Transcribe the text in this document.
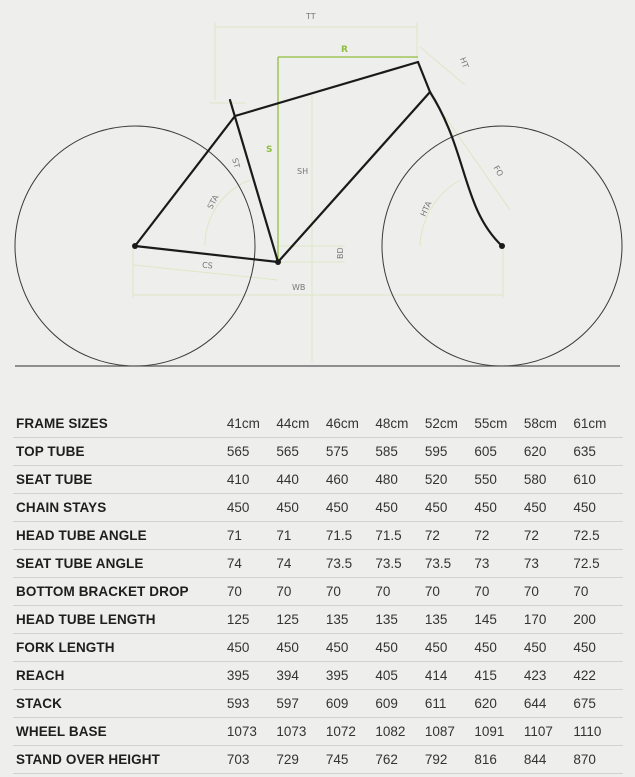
TT
R
HT
S
ST
SH
STA
FO
HTA
BD
CS
WB
FRAME SIZES	41cm	44cm	46cm	48cm	52cm	55cm	58cm	61cm
TOP TUBE	565	565	575	585	595	605	620	635
SEAT TUBE	410	440	460	480	520	550	580	610
CHAIN STAYS	450	450	450	450	450	450	450	450
HEAD TUBE ANGLE	71	71	71.5	71.5	72	72	72	72.5
SEAT TUBE ANGLE	74	74	73.5	73.5	73.5	73	73	72.5
BOTTOM BRACKET DROP	70	70	70	70	70	70	70	70
HEAD TUBE LENGTH	125	125	135	135	135	145	170	200
FORK LENGTH	450	450	450	450	450	450	450	450
REACH	395	394	395	405	414	415	423	422
STACK	593	597	609	609	611	620	644	675
WHEEL BASE	1073	1073	1072	1082	1087	1091	1107	1110
STAND OVER HEIGHT	703	729	745	762	792	816	844	870
